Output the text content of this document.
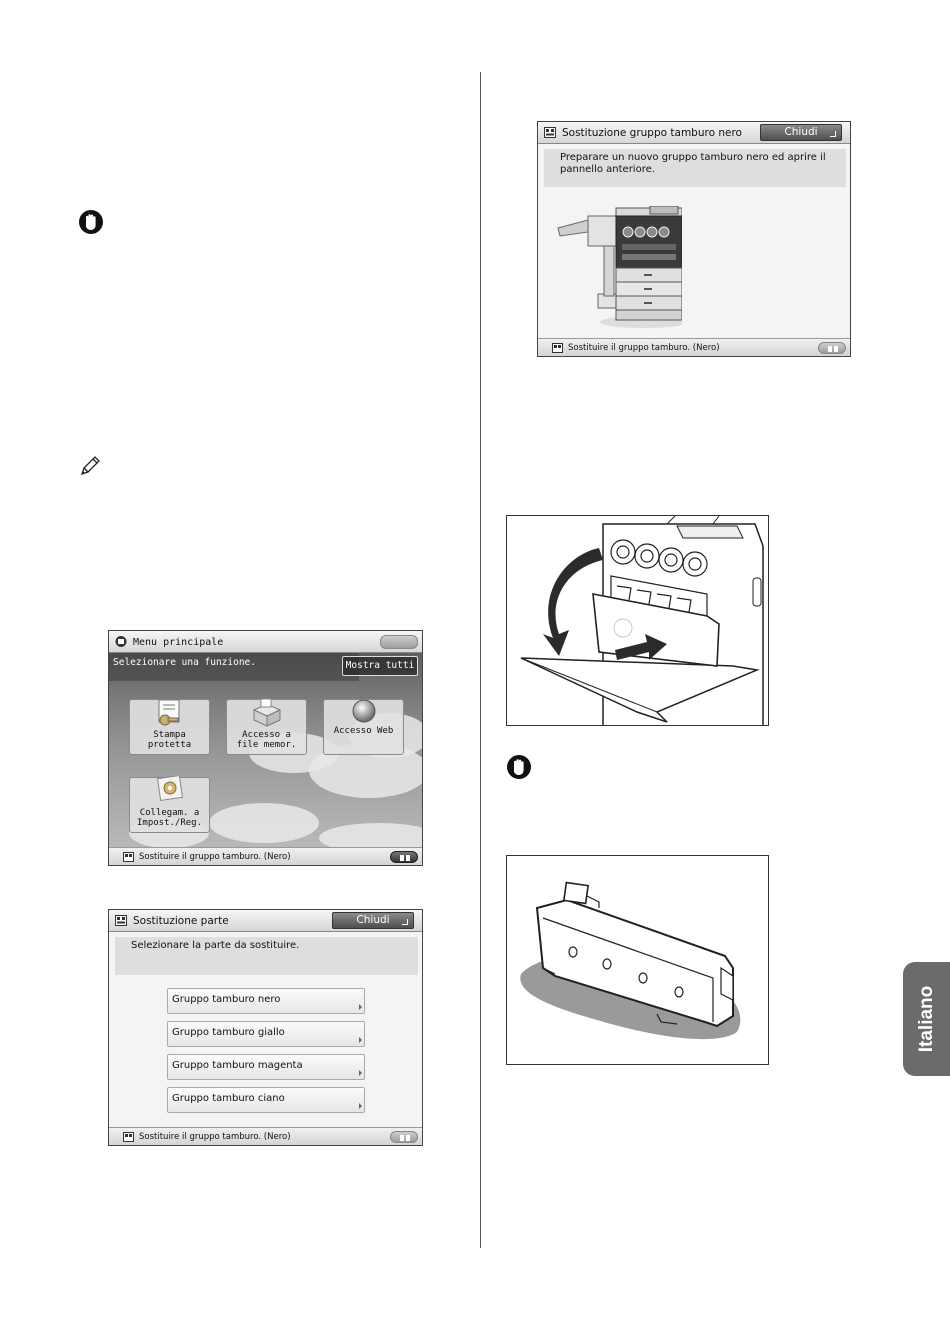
Menu principale
Selezionare una funzione.	Mostra tutti
Stampa
protetta
Accesso a
file memor.
Accesso Web
Collegam. a
Impost./Reg.
Sostituire il gruppo tamburo. (Nero)
Sostituzione parte	Chiudi
Selezionare la parte da sostituire.
Gruppo tamburo nero
Gruppo tamburo giallo
Gruppo tamburo magenta
Gruppo tamburo ciano
Sostituire il gruppo tamburo. (Nero)
Sostituzione gruppo tamburo nero	Chiudi
Preparare un nuovo gruppo tamburo nero ed aprire il pannello anteriore.
Sostituire il gruppo tamburo. (Nero)
Italiano
